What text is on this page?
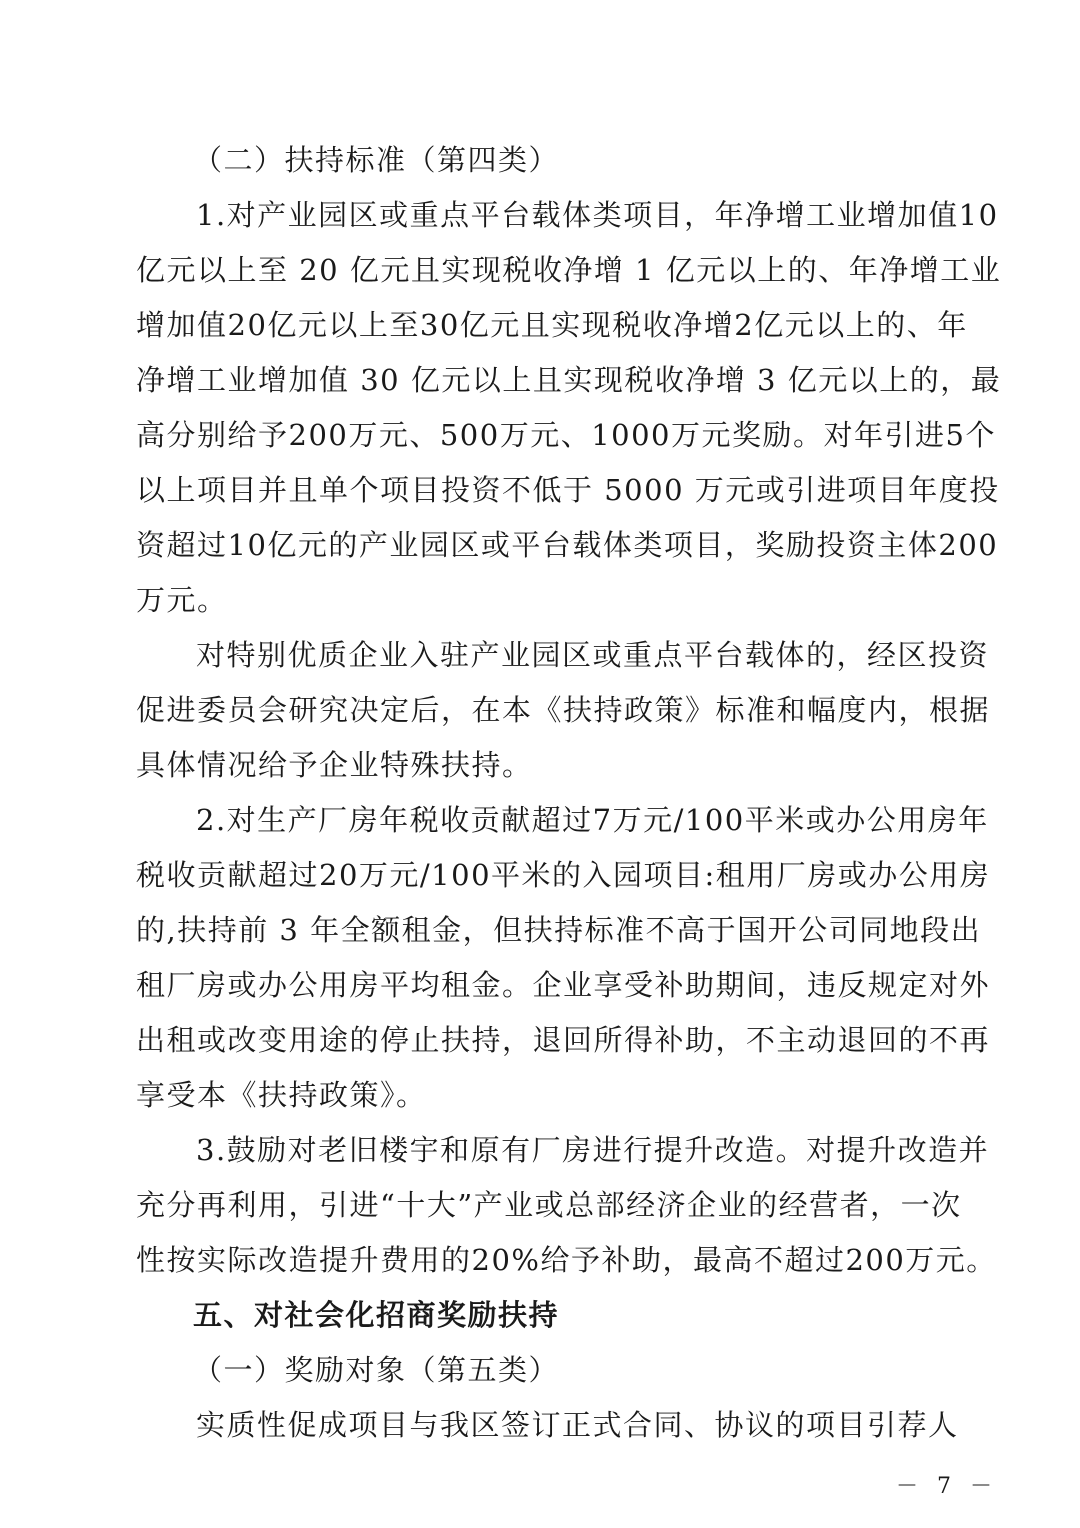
（二）扶持标准（第四类）
1.对产业园区或重点平台载体类项目，年净增工业增加值10
亿元以上至 20 亿元且实现税收净增 1 亿元以上的、年净增工业
增加值20亿元以上至30亿元且实现税收净增2亿元以上的、年
净增工业增加值 30 亿元以上且实现税收净增 3 亿元以上的，最
高分别给予200万元、500万元、1000万元奖励。对年引进5个
以上项目并且单个项目投资不低于 5000 万元或引进项目年度投
资超过10亿元的产业园区或平台载体类项目，奖励投资主体200
万元。
对特别优质企业入驻产业园区或重点平台载体的，经区投资
促进委员会研究决定后，在本《扶持政策》标准和幅度内，根据
具体情况给予企业特殊扶持。
2.对生产厂房年税收贡献超过7万元/100平米或办公用房年
税收贡献超过20万元/100平米的入园项目:租用厂房或办公用房
的,扶持前 3 年全额租金，但扶持标准不高于国开公司同地段出
租厂房或办公用房平均租金。企业享受补助期间，违反规定对外
出租或改变用途的停止扶持，退回所得补助，不主动退回的不再
享受本《扶持政策》。
3.鼓励对老旧楼宇和原有厂房进行提升改造。对提升改造并
充分再利用，引进“十大”产业或总部经济企业的经营者，一次
性按实际改造提升费用的20%给予补助，最高不超过200万元。
五、对社会化招商奖励扶持
（一）奖励对象（第五类）
实质性促成项目与我区签订正式合同、协议的项目引荐人
－ 7 －
